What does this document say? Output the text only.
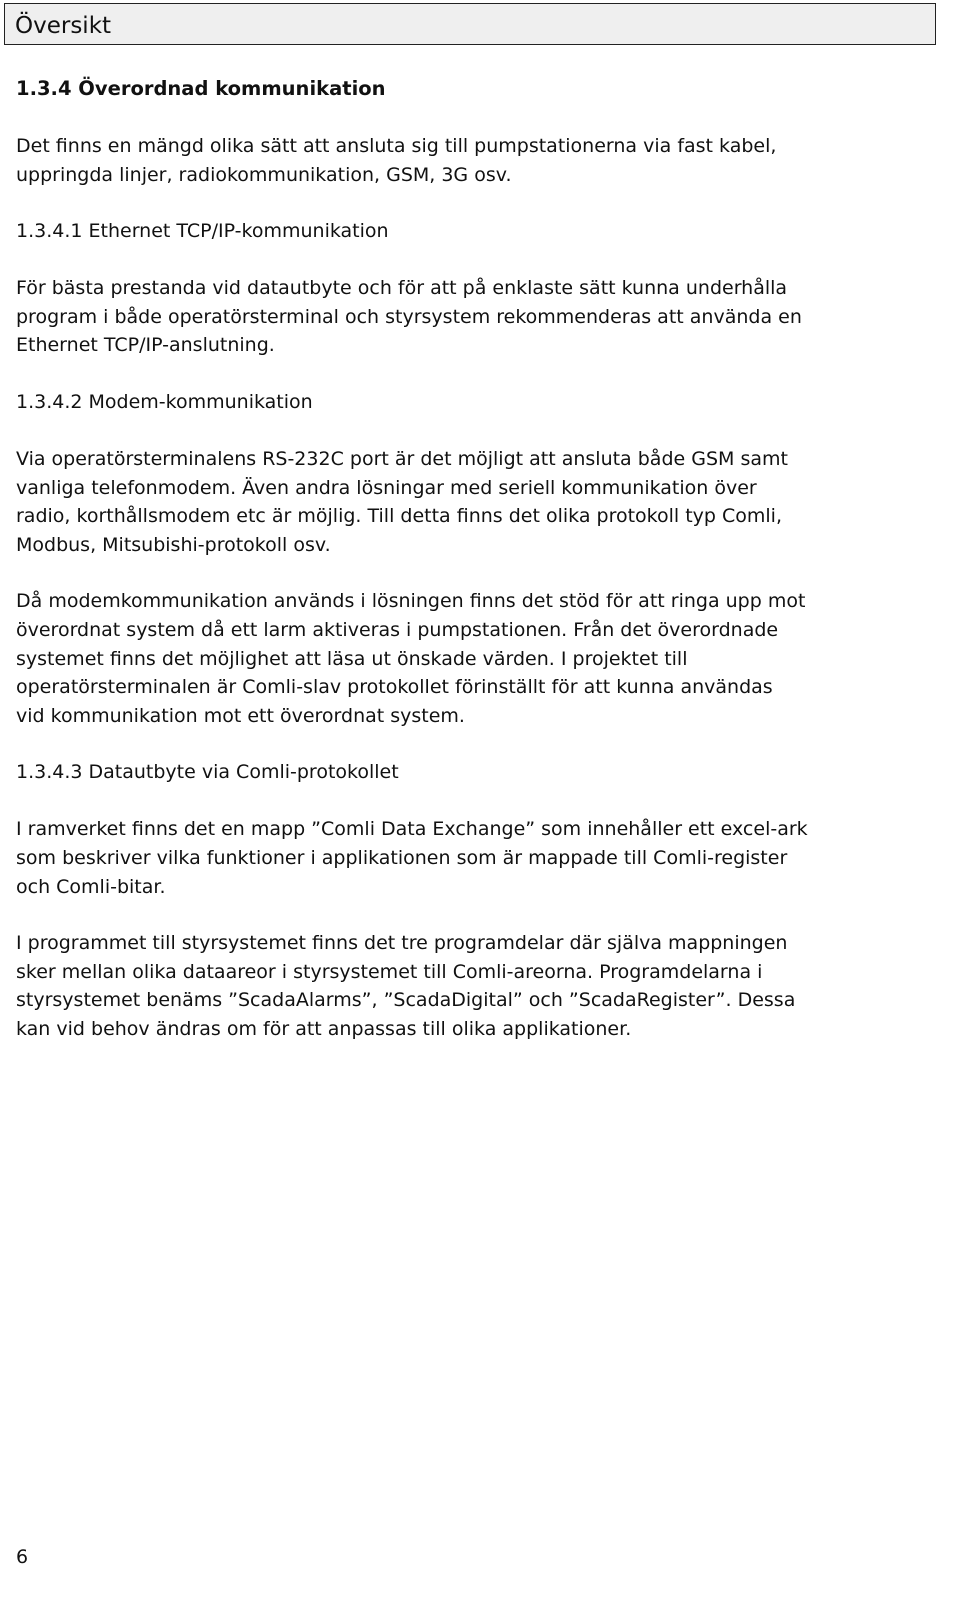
Översikt
1.3.4 Överordnad kommunikation
Det finns en mängd olika sätt att ansluta sig till pumpstationerna via fast kabel,
uppringda linjer, radiokommunikation, GSM, 3G osv.
1.3.4.1 Ethernet TCP/IP-kommunikation
För bästa prestanda vid datautbyte och för att på enklaste sätt kunna underhålla
program i både operatörsterminal och styrsystem rekommenderas att använda en
Ethernet TCP/IP-anslutning.
1.3.4.2 Modem-kommunikation
Via operatörsterminalens RS-232C port är det möjligt att ansluta både GSM samt
vanliga telefonmodem. Även andra lösningar med seriell kommunikation över
radio, korthållsmodem etc är möjlig. Till detta finns det olika protokoll typ Comli,
Modbus, Mitsubishi-protokoll osv.
Då modemkommunikation används i lösningen finns det stöd för att ringa upp mot
överordnat system då ett larm aktiveras i pumpstationen. Från det överordnade
systemet finns det möjlighet att läsa ut önskade värden. I projektet till
operatörsterminalen är Comli-slav protokollet förinställt för att kunna användas
vid kommunikation mot ett överordnat system.
1.3.4.3 Datautbyte via Comli-protokollet
I ramverket finns det en mapp ”Comli Data Exchange” som innehåller ett excel-ark
som beskriver vilka funktioner i applikationen som är mappade till Comli-register
och Comli-bitar.
I programmet till styrsystemet finns det tre programdelar där själva mappningen
sker mellan olika dataareor i styrsystemet till Comli-areorna. Programdelarna i
styrsystemet benäms ”ScadaAlarms”, ”ScadaDigital” och ”ScadaRegister”. Dessa
kan vid behov ändras om för att anpassas till olika applikationer.
6
